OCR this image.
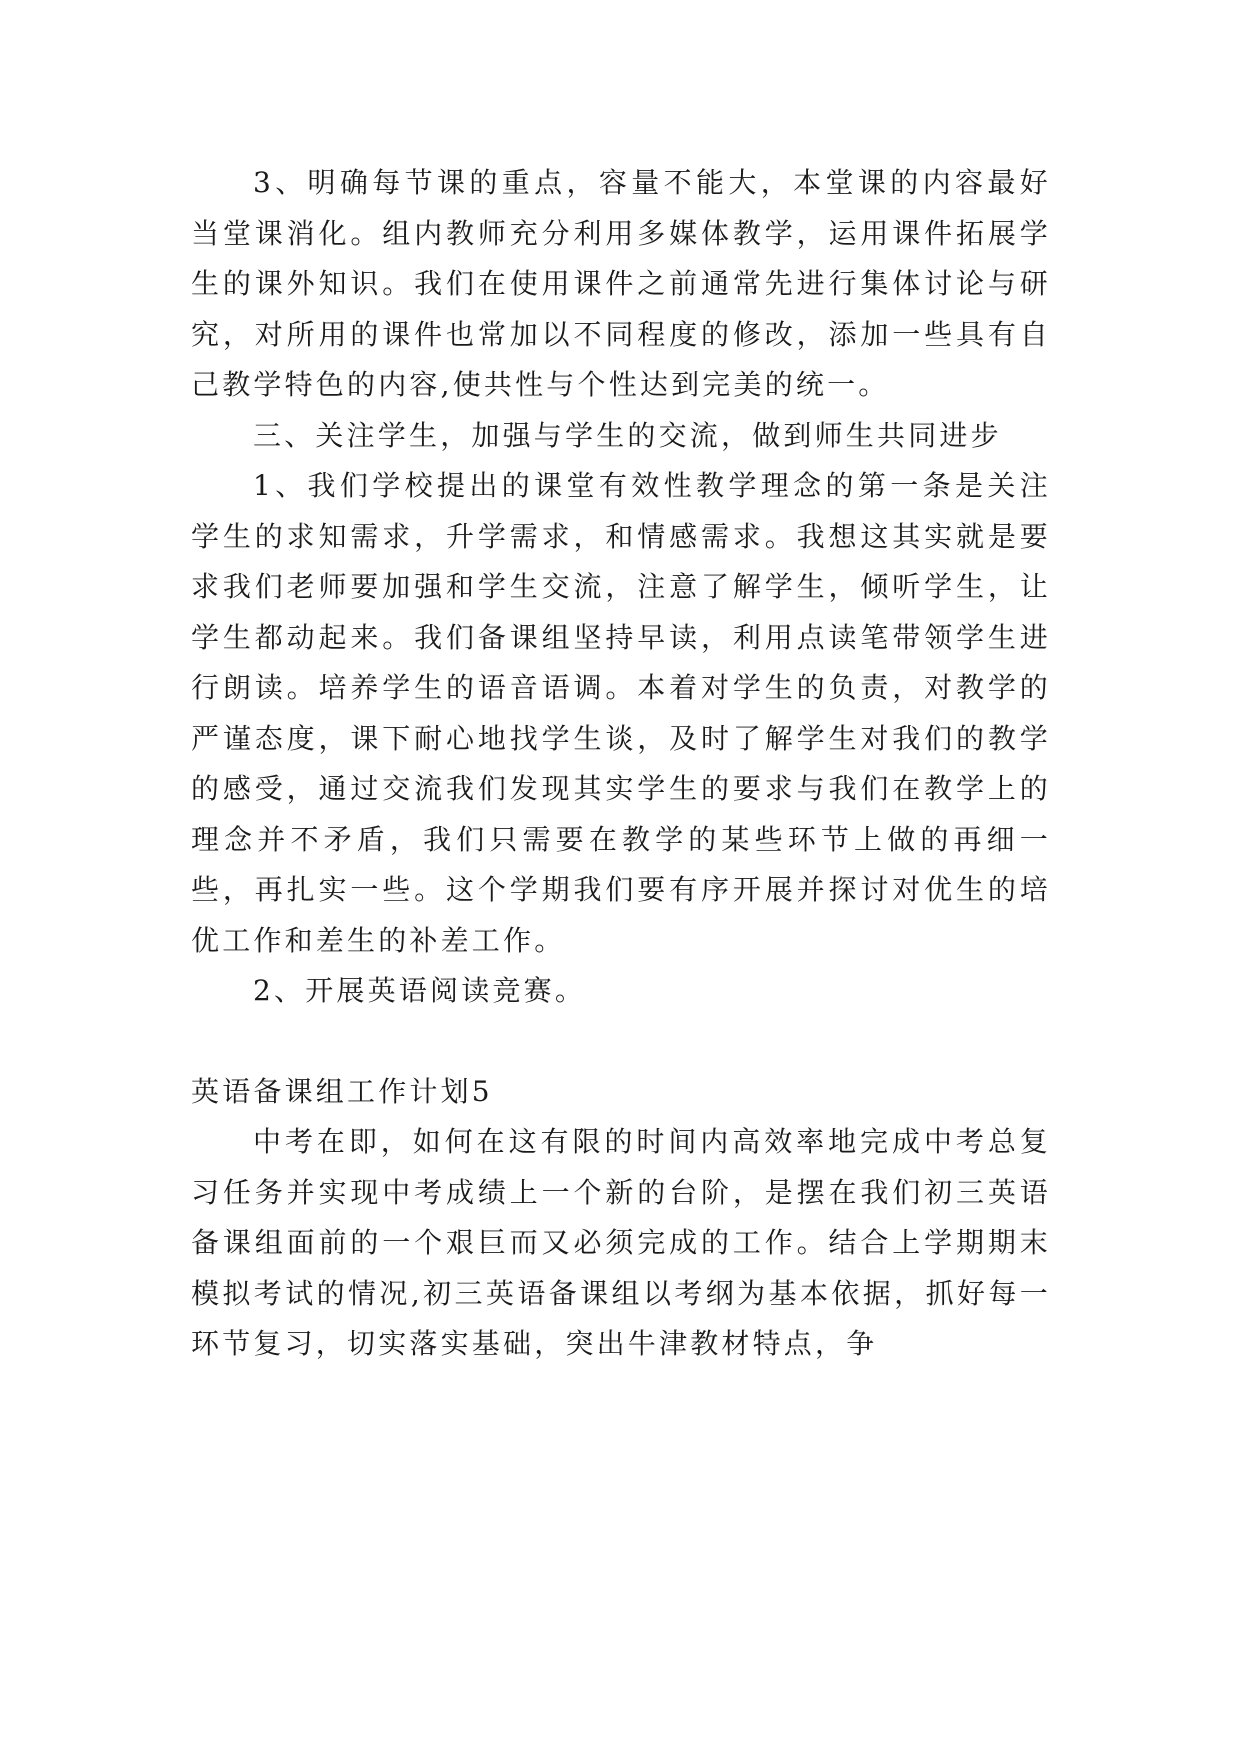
3、明确每节课的重点，容量不能大，本堂课的内容最好当堂课消化。组内教师充分利用多媒体教学，运用课件拓展学生的课外知识。我们在使用课件之前通常先进行集体讨论与研究，对所用的课件也常加以不同程度的修改，添加一些具有自己教学特色的内容,使共性与个性达到完美的统一。

三、关注学生，加强与学生的交流，做到师生共同进步

1、我们学校提出的课堂有效性教学理念的第一条是关注学生的求知需求，升学需求，和情感需求。我想这其实就是要求我们老师要加强和学生交流，注意了解学生，倾听学生，让学生都动起来。我们备课组坚持早读，利用点读笔带领学生进行朗读。培养学生的语音语调。本着对学生的负责，对教学的严谨态度，课下耐心地找学生谈，及时了解学生对我们的教学的感受，通过交流我们发现其实学生的要求与我们在教学上的理念并不矛盾，我们只需要在教学的某些环节上做的再细一些，再扎实一些。这个学期我们要有序开展并探讨对优生的培优工作和差生的补差工作。

2、开展英语阅读竞赛。

英语备课组工作计划5

中考在即，如何在这有限的时间内高效率地完成中考总复习任务并实现中考成绩上一个新的台阶，是摆在我们初三英语备课组面前的一个艰巨而又必须完成的工作。结合上学期期末模拟考试的情况,初三英语备课组以考纲为基本依据，抓好每一环节复习，切实落实基础，突出牛津教材特点，争
